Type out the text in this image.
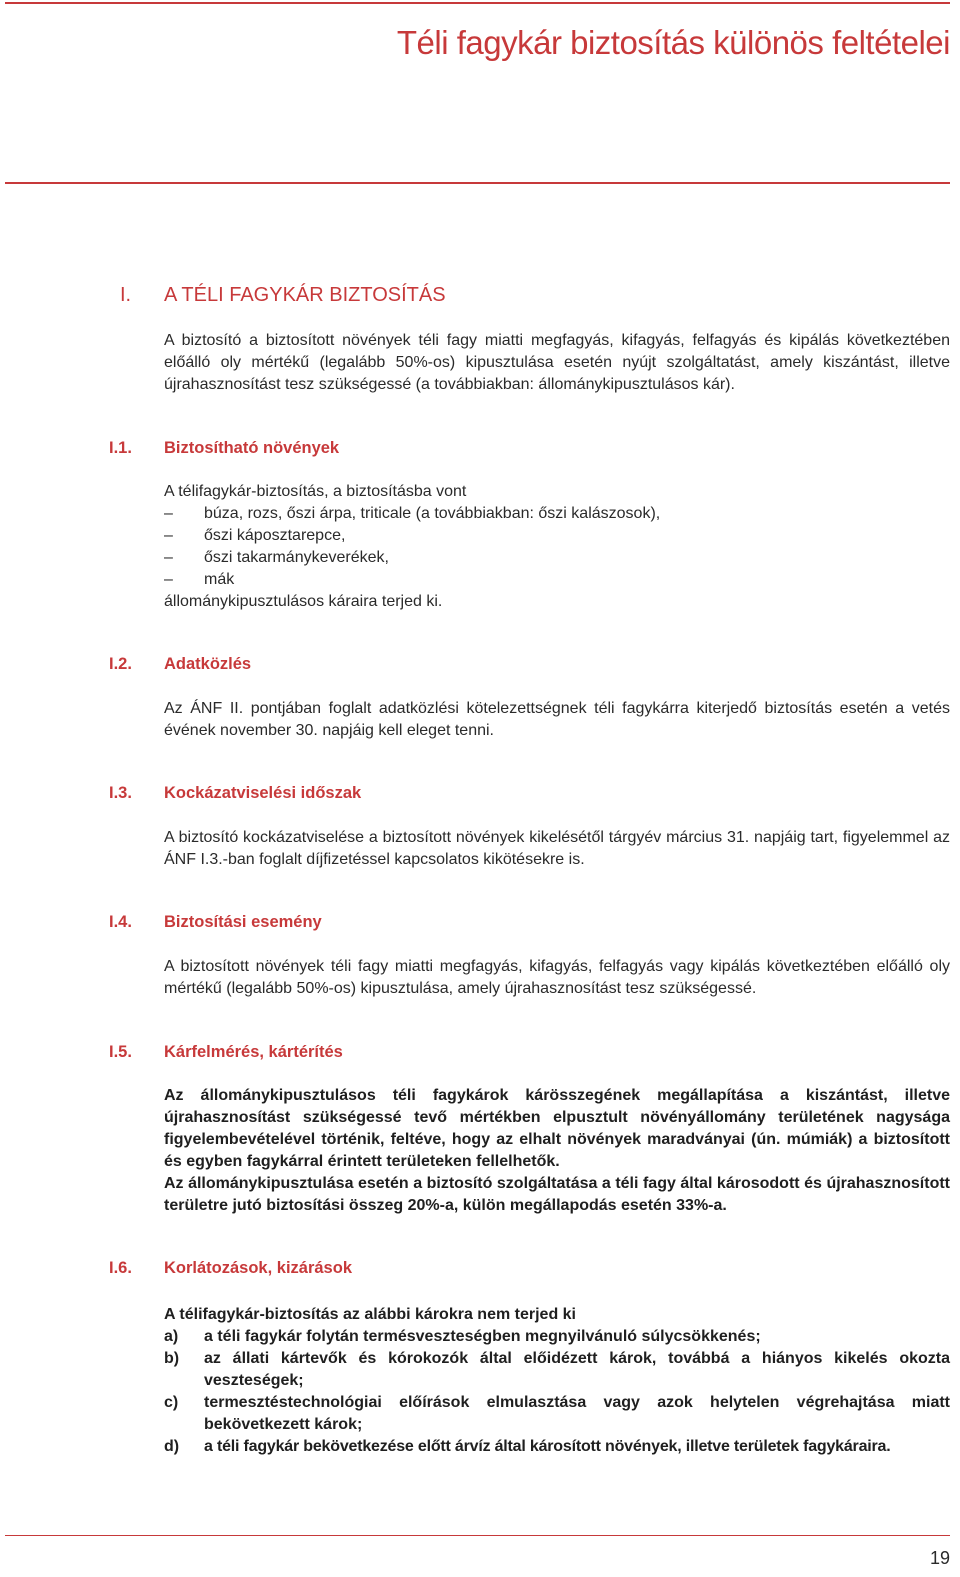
Téli fagykár biztosítás különös feltételei
I. A TÉLI FAGYKÁR BIZTOSÍTÁS
A biztosító a biztosított növények téli fagy miatti megfagyás, kifagyás, felfagyás és kipálás következtében előálló oly mértékű (legalább 50%-os) kipusztulása esetén nyújt szolgáltatást, amely kiszántást, illetve újrahasznosítást tesz szükségessé (a továbbiakban: állománykipusztulásos kár).
I.1. Biztosítható növények
A télifagykár-biztosítás, a biztosításba vont
– búza, rozs, őszi árpa, triticale (a továbbiakban: őszi kalászosok),
– őszi káposztarepce,
– őszi takarmánykeverékek,
– mák
állománykipusztulásos káraira terjed ki.
I.2. Adatközlés
Az ÁNF II. pontjában foglalt adatközlési kötelezettségnek téli fagykárra kiterjedő biztosítás esetén a vetés évének november 30. napjáig kell eleget tenni.
I.3. Kockázatviselési időszak
A biztosító kockázatviselése a biztosított növények kikelésétől tárgyév március 31. napjáig tart, figyelemmel az ÁNF I.3.-ban foglalt díjfizetéssel kapcsolatos kikötésekre is.
I.4. Biztosítási esemény
A biztosított növények téli fagy miatti megfagyás, kifagyás, felfagyás vagy kipálás következtében előálló oly mértékű (legalább 50%-os) kipusztulása, amely újrahasznosítást tesz szükségessé.
I.5. Kárfelmérés, kártérítés
Az állománykipusztulásos téli fagykárok kárösszegének megállapítása a kiszántást, illetve újrahasznosítást szükségessé tevő mértékben elpusztult növényállomány területének nagysága figyelembevételével történik, feltéve, hogy az elhalt növények maradványai (ún. múmiák) a biztosított és egyben fagykárral érintett területeken fellelhetők.
Az állománykipusztulása esetén a biztosító szolgáltatása a téli fagy által károsodott és újrahasznosított területre jutó biztosítási összeg 20%-a, külön megállapodás esetén 33%-a.
I.6. Korlátozások, kizárások
A télifagykár-biztosítás az alábbi károkra nem terjed ki
a) a téli fagykár folytán termésveszteségben megnyilvánuló súlycsökkenés;
b) az állati kártevők és kórokozók által előidézett károk, továbbá a hiányos kikelés okozta veszteségek;
c) termesztéstechnológiai előírások elmulasztása vagy azok helytelen végrehajtása miatt bekövetkezett károk;
d) a téli fagykár bekövetkezése előtt árvíz által károsított növények, illetve területek fagykáraira.
19
